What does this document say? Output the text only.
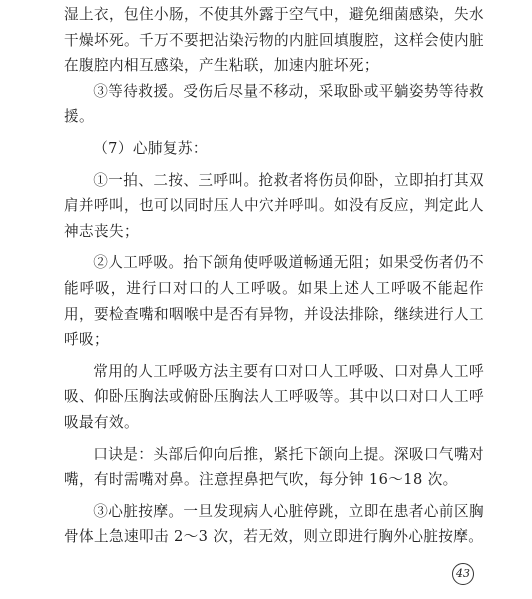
湿上衣，包住小肠，不使其外露于空气中，避免细菌感染，失水干燥坏死。千万不要把沾染污物的内脏回填腹腔，这样会使内脏在腹腔内相互感染，产生粘联，加速内脏坏死；

③等待救援。受伤后尽量不移动，采取卧或平躺姿势等待救援。

（7）心肺复苏：

①一拍、二按、三呼叫。抢救者将伤员仰卧，立即拍打其双肩并呼叫，也可以同时压人中穴并呼叫。如没有反应，判定此人神志丧失；

②人工呼吸。抬下颌角使呼吸道畅通无阻；如果受伤者仍不能呼吸，进行口对口的人工呼吸。如果上述人工呼吸不能起作用，要检查嘴和咽喉中是否有异物，并设法排除，继续进行人工呼吸；

常用的人工呼吸方法主要有口对口人工呼吸、口对鼻人工呼吸、仰卧压胸法或俯卧压胸法人工呼吸等。其中以口对口人工呼吸最有效。

口诀是：头部后仰向后推，紧托下颌向上提。深吸口气嘴对嘴，有时需嘴对鼻。注意捏鼻把气吹，每分钟 16～18 次。

③心脏按摩。一旦发现病人心脏停跳，立即在患者心前区胸骨体上急速叩击 2～3 次，若无效，则立即进行胸外心脏按摩。

43
